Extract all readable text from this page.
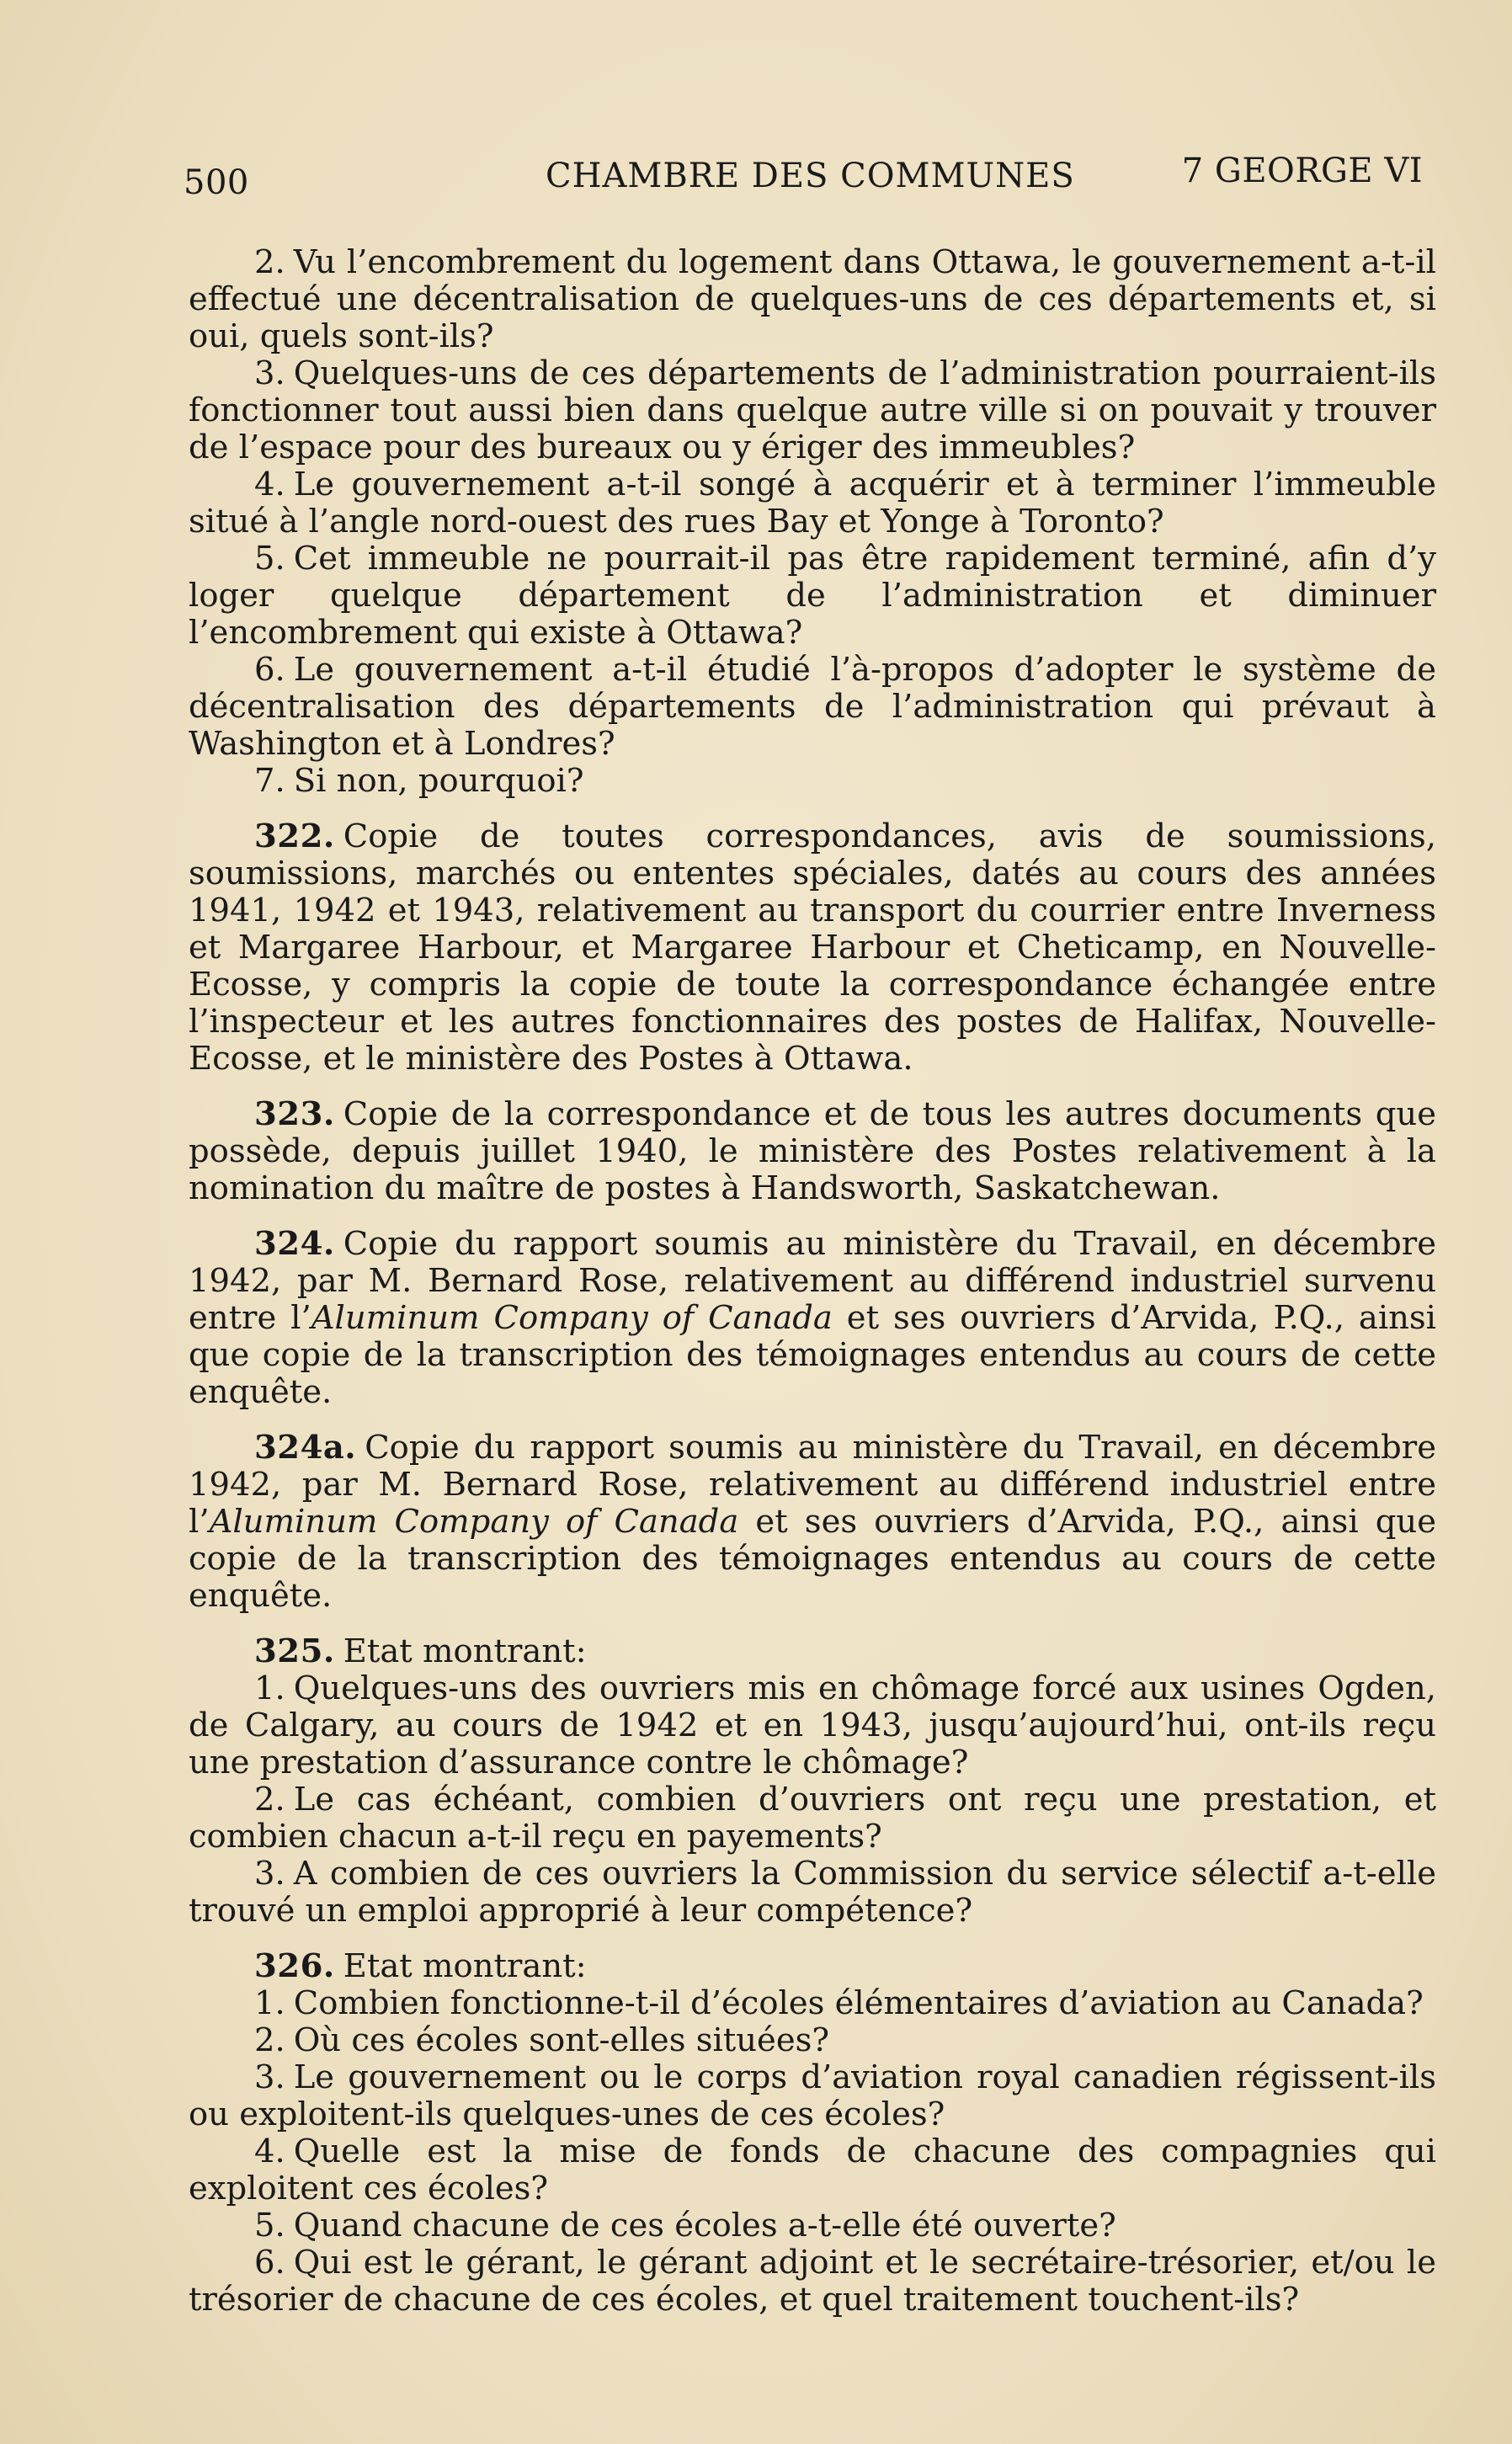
500	CHAMBRE DES COMMUNES	7 GEORGE VI

2. Vu l’encombrement du logement dans Ottawa, le gouvernement a-t-il effectué une décentralisation de quelques-uns de ces départements et, si oui, quels sont-ils?

3. Quelques-uns de ces départements de l’administration pourraient-ils fonctionner tout aussi bien dans quelque autre ville si on pouvait y trouver de l’espace pour des bureaux ou y ériger des immeubles?

4. Le gouvernement a-t-il songé à acquérir et à terminer l’immeuble situé à l’angle nord-ouest des rues Bay et Yonge à Toronto?

5. Cet immeuble ne pourrait-il pas être rapidement terminé, afin d’y loger quelque département de l’administration et diminuer l’encombrement qui existe à Ottawa?

6. Le gouvernement a-t-il étudié l’à-propos d’adopter le système de décentralisation des départements de l’administration qui prévaut à Washington et à Londres?

7. Si non, pourquoi?

322. Copie de toutes correspondances, avis de soumissions, soumissions, marchés ou ententes spéciales, datés au cours des années 1941, 1942 et 1943, relativement au transport du courrier entre Inverness et Margaree Harbour, et Margaree Harbour et Cheticamp, en Nouvelle-Ecosse, y compris la copie de toute la correspondance échangée entre l’inspecteur et les autres fonctionnaires des postes de Halifax, Nouvelle-Ecosse, et le ministère des Postes à Ottawa.

323. Copie de la correspondance et de tous les autres documents que possède, depuis juillet 1940, le ministère des Postes relativement à la nomination du maître de postes à Handsworth, Saskatchewan.

324. Copie du rapport soumis au ministère du Travail, en décembre 1942, par M. Bernard Rose, relativement au différend industriel survenu entre l’Aluminum Company of Canada et ses ouvriers d’Arvida, P.Q., ainsi que copie de la transcription des témoignages entendus au cours de cette enquête.

324a. Copie du rapport soumis au ministère du Travail, en décembre 1942, par M. Bernard Rose, relativement au différend industriel entre l’Aluminum Company of Canada et ses ouvriers d’Arvida, P.Q., ainsi que copie de la transcription des témoignages entendus au cours de cette enquête.

325. Etat montrant:

1. Quelques-uns des ouvriers mis en chômage forcé aux usines Ogden, de Calgary, au cours de 1942 et en 1943, jusqu’aujourd’hui, ont-ils reçu une prestation d’assurance contre le chômage?

2. Le cas échéant, combien d’ouvriers ont reçu une prestation, et combien chacun a-t-il reçu en payements?

3. A combien de ces ouvriers la Commission du service sélectif a-t-elle trouvé un emploi approprié à leur compétence?

326. Etat montrant:

1. Combien fonctionne-t-il d’écoles élémentaires d’aviation au Canada?

2. Où ces écoles sont-elles situées?

3. Le gouvernement ou le corps d’aviation royal canadien régissent-ils ou exploitent-ils quelques-unes de ces écoles?

4. Quelle est la mise de fonds de chacune des compagnies qui exploitent ces écoles?

5. Quand chacune de ces écoles a-t-elle été ouverte?

6. Qui est le gérant, le gérant adjoint et le secrétaire-trésorier, et/ou le trésorier de chacune de ces écoles, et quel traitement touchent-ils?
